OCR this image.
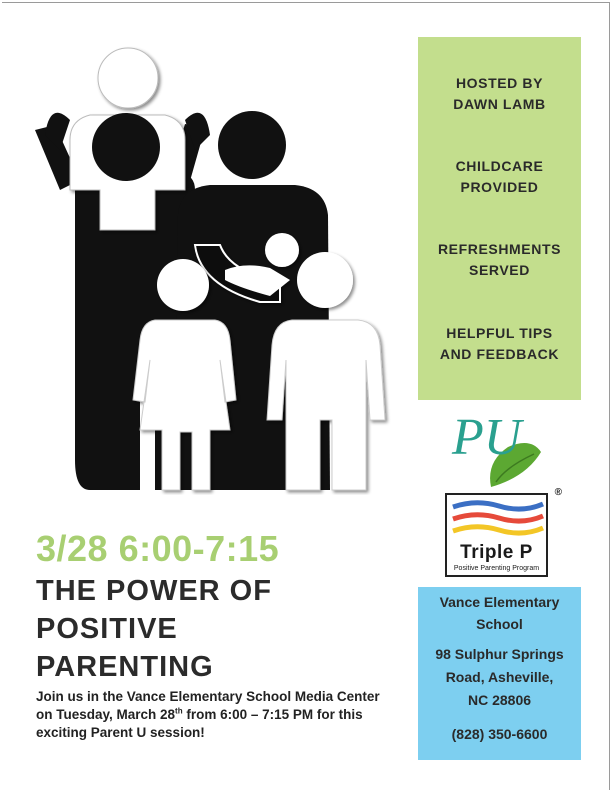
HOSTED BY
DAWN LAMB
CHILDCARE
PROVIDED
REFRESHMENTS
SERVED
HELPFUL TIPS
AND FEEDBACK
PU
Triple P
Positive Parenting Program
®
Vance Elementary
School
98 Sulphur Springs
Road, Asheville,
NC 28806
(828) 350-6600
3/28 6:00-7:15
THE POWER OF
POSITIVE
PARENTING
Join us in the Vance Elementary School Media Center on Tuesday, March 28th from 6:00 – 7:15 PM for this exciting Parent U session!
